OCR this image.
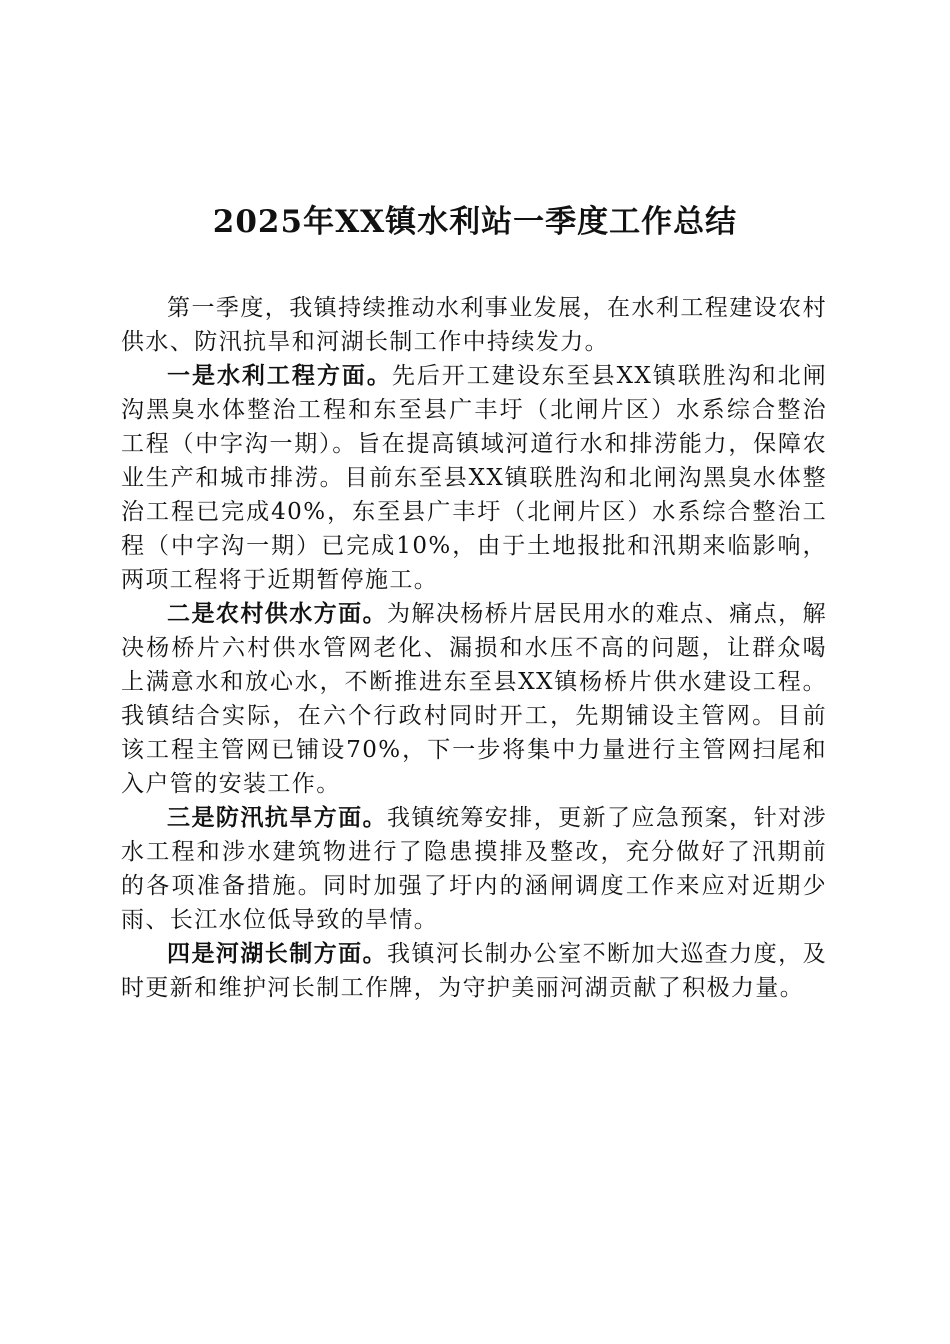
2025年XX镇水利站一季度工作总结

第一季度，我镇持续推动水利事业发展，在水利工程建设农村供水、防汛抗旱和河湖长制工作中持续发力。

一是水利工程方面。先后开工建设东至县XX镇联胜沟和北闸沟黑臭水体整治工程和东至县广丰圩（北闸片区）水系综合整治工程（中字沟一期）。旨在提高镇域河道行水和排涝能力，保障农业生产和城市排涝。目前东至县XX镇联胜沟和北闸沟黑臭水体整治工程已完成40%，东至县广丰圩（北闸片区）水系综合整治工程（中字沟一期）已完成10%，由于土地报批和汛期来临影响，两项工程将于近期暂停施工。

二是农村供水方面。为解决杨桥片居民用水的难点、痛点，解决杨桥片六村供水管网老化、漏损和水压不高的问题，让群众喝上满意水和放心水，不断推进东至县XX镇杨桥片供水建设工程。我镇结合实际，在六个行政村同时开工，先期铺设主管网。目前该工程主管网已铺设70%，下一步将集中力量进行主管网扫尾和入户管的安装工作。

三是防汛抗旱方面。我镇统筹安排，更新了应急预案，针对涉水工程和涉水建筑物进行了隐患摸排及整改，充分做好了汛期前的各项准备措施。同时加强了圩内的涵闸调度工作来应对近期少雨、长江水位低导致的旱情。

四是河湖长制方面。我镇河长制办公室不断加大巡查力度，及时更新和维护河长制工作牌，为守护美丽河湖贡献了积极力量。
